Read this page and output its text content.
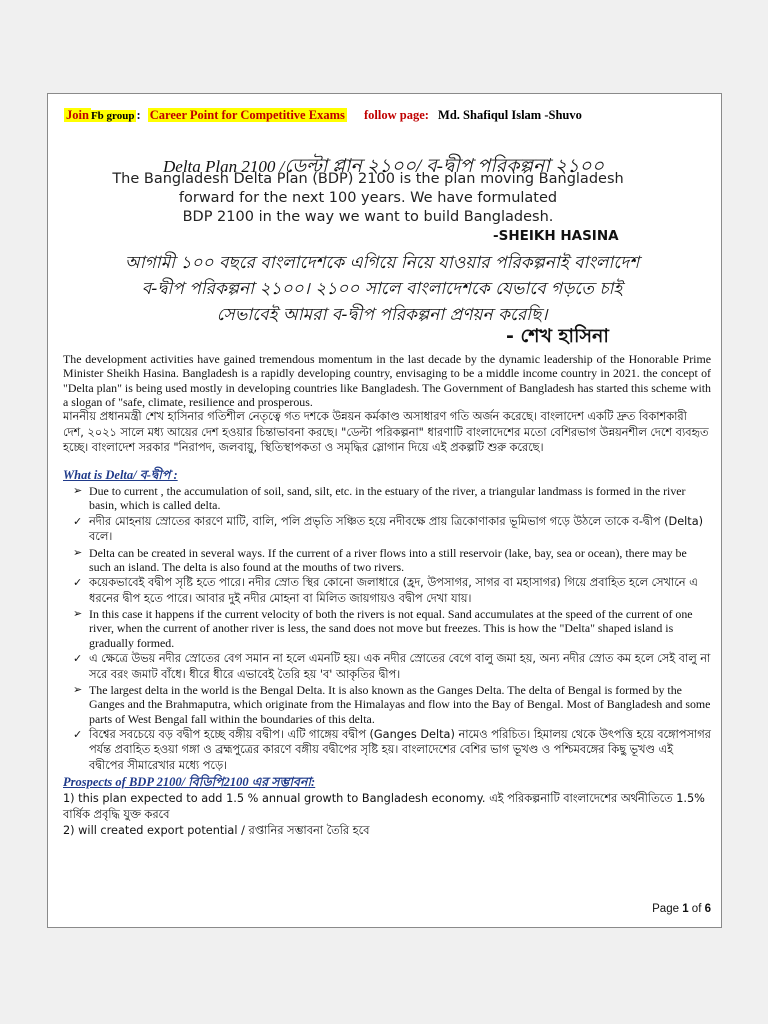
Join Fb group : Career Point for Competitive Exams follow page: Md. Shafiqul Islam -Shuvo
Delta Plan 2100 /ডেল্টা প্লান ২১০০/ ব-দ্বীপ পরিকল্পনা ২১০০
The Bangladesh Delta Plan (BDP) 2100 is the plan moving Bangladesh
forward for the next 100 years. We have formulated
BDP 2100 in the way we want to build Bangladesh.
-SHEIKH HASINA
আগামী ১০০ বছরে বাংলাদেশকে এগিয়ে নিয়ে যাওয়ার পরিকল্পনাই বাংলাদেশ
ব-দ্বীপ পরিকল্পনা ২১০০। ২১০০ সালে বাংলাদেশকে যেভাবে গড়তে চাই
সেভাবেই আমরা ব-দ্বীপ পরিকল্পনা প্রণয়ন করেছি।
- শেখ হাসিনা

The development activities have gained tremendous momentum in the last decade by the dynamic leadership of the Honorable Prime Minister Sheikh Hasina. Bangladesh is a rapidly developing country, envisaging to be a middle income country in 2021. the concept of "Delta plan" is being used mostly in developing countries like Bangladesh. The Government of Bangladesh has started this scheme with a slogan of "safe, climate, resilience and prosperous.

মাননীয় প্রধানমন্ত্রী শেখ হাসিনার গতিশীল নেতৃত্বে গত দশকে উন্নয়ন কর্মকাণ্ড অসাধারণ গতি অর্জন করেছে। বাংলাদেশ একটি দ্রুত বিকাশকারী দেশ, ২০২১ সালে মধ্য আয়ের দেশ হওয়ার চিন্তাভাবনা করছে। "ডেল্টা পরিকল্পনা" ধারণাটি বাংলাদেশের মতো বেশিরভাগ উন্নয়নশীল দেশে ব্যবহৃত হচ্ছে। বাংলাদেশ সরকার "নিরাপদ, জলবায়ু, স্থিতিস্থাপকতা ও সমৃদ্ধির স্লোগান দিয়ে এই প্রকল্পটি শুরু করেছে।

What is Delta/ ব-দ্বীপ :
➢ Due to current , the accumulation of soil, sand, silt, etc. in the estuary of the river, a triangular landmass is formed in the river basin, which is called delta.
✓ নদীর মোহনায় স্রোতের কারণে মাটি, বালি, পলি প্রভৃতি সঞ্চিত হয়ে নদীবক্ষে প্রায় ত্রিকোণাকার ভূমিভাগ গড়ে উঠলে তাকে ব-দ্বীপ (Delta) বলে।
➢ Delta can be created in several ways. If the current of a river flows into a still reservoir (lake, bay, sea or ocean), there may be such an island. The delta is also found at the mouths of two rivers.
✓ কয়েকভাবেই বদ্বীপ সৃষ্টি হতে পারে। নদীর স্রোত স্থির কোনো জলাধারে (হ্রদ, উপসাগর, সাগর বা মহাসাগর) গিয়ে প্রবাহিত হলে সেখানে এ ধরনের দ্বীপ হতে পারে। আবার দুই নদীর মোহনা বা মিলিত জায়গায়ও বদ্বীপ দেখা যায়।
➢ In this case it happens if the current velocity of both the rivers is not equal. Sand accumulates at the speed of the current of one river, when the current of another river is less, the sand does not move but freezes. This is how the "Delta" shaped island is gradually formed.
✓ এ ক্ষেত্রে উভয় নদীর স্রোতের বেগ সমান না হলে এমনটি হয়। এক নদীর স্রোতের বেগে বালু জমা হয়, অন্য নদীর স্রোত কম হলে সেই বালু না সরে বরং জমাট বাঁধে। ধীরে ধীরে এভাবেই তৈরি হয় 'ব' আকৃতির দ্বীপ।
➢ The largest delta in the world is the Bengal Delta. It is also known as the Ganges Delta. The delta of Bengal is formed by the Ganges and the Brahmaputra, which originate from the Himalayas and flow into the Bay of Bengal. Most of Bangladesh and some parts of West Bengal fall within the boundaries of this delta.
✓ বিশ্বের সবচেয়ে বড় বদ্বীপ হচ্ছে বঙ্গীয় বদ্বীপ। এটি গাঙ্গেয় বদ্বীপ (Ganges Delta) নামেও পরিচিত। হিমালয় থেকে উৎপত্তি হয়ে বঙ্গোপসাগর পর্যন্ত প্রবাহিত হওয়া গঙ্গা ও ব্রহ্মপুত্রের কারণে বঙ্গীয় বদ্বীপের সৃষ্টি হয়। বাংলাদেশের বেশির ভাগ ভূখণ্ড ও পশ্চিমবঙ্গের কিছু ভূখণ্ড এই বদ্বীপের সীমারেখার মধ্যে পড়ে।
Prospects of BDP 2100/ বিডিপি2100 এর সম্ভাবনা:

1) this plan expected to add 1.5 % annual growth to Bangladesh economy. এই পরিকল্পনাটি বাংলাদেশের অর্থনীতিতে 1.5% বার্ষিক প্রবৃদ্ধি যুক্ত করবে

2) will created export potential / রপ্তানির সম্ভাবনা তৈরি হবে

Page 1 of 6
